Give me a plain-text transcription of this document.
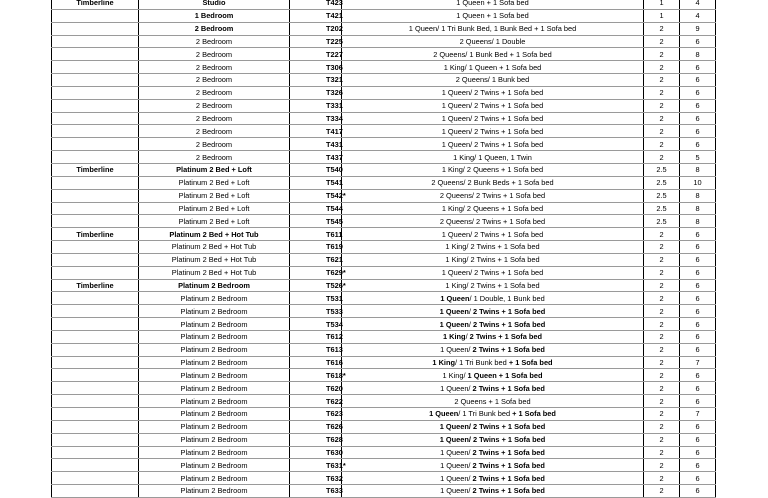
Timberline	Studio	T423	1 Queen + 1 Sofa bed	1	4
	1 Bedroom	T421	1 Queen + 1 Sofa bed	1	4
	2 Bedroom	T202	1 Queen/ 1 Tri Bunk Bed, 1 Bunk Bed + 1 Sofa bed	2	9
	2 Bedroom	T225	2 Queens/ 1 Double	2	6
	2 Bedroom	T227	2 Queens/ 1 Bunk Bed + 1 Sofa bed	2	8
	2 Bedroom	T306	1 King/ 1 Queen + 1 Sofa bed	2	6
	2 Bedroom	T321	2 Queens/ 1 Bunk bed	2	6
	2 Bedroom	T326	1 Queen/ 2 Twins + 1 Sofa bed	2	6
	2 Bedroom	T331	1 Queen/ 2 Twins + 1 Sofa bed	2	6
	2 Bedroom	T334	1 Queen/ 2 Twins + 1 Sofa bed	2	6
	2 Bedroom	T417	1 Queen/ 2 Twins + 1 Sofa bed	2	6
	2 Bedroom	T431	1 Queen/ 2 Twins + 1 Sofa bed	2	6
	2 Bedroom	T437	1 King/ 1 Queen, 1 Twin	2	5
Timberline	Platinum 2 Bed + Loft	T540	1 King/ 2 Queens + 1 Sofa bed	2.5	8
	Platinum 2 Bed + Loft	T541	2 Queens/ 2 Bunk Beds + 1 Sofa bed	2.5	10
	Platinum 2 Bed + Loft	T542*	2 Queens/ 2 Twins + 1 Sofa bed	2.5	8
	Platinum 2 Bed + Loft	T544	1 King/ 2 Queens + 1 Sofa bed	2.5	8
	Platinum 2 Bed + Loft	T545	2 Queens/ 2 Twins + 1 Sofa bed	2.5	8
Timberline	Platinum 2 Bed + Hot Tub	T611	1 Queen/ 2 Twins + 1 Sofa bed	2	6
	Platinum 2 Bed + Hot Tub	T619	1 King/ 2 Twins + 1 Sofa bed	2	6
	Platinum 2 Bed + Hot Tub	T621	1 King/ 2 Twins + 1 Sofa bed	2	6
	Platinum 2 Bed + Hot Tub	T629*	1 Queen/ 2 Twins + 1 Sofa bed	2	6
Timberline	Platinum 2 Bedroom	T526*	1 King/ 2 Twins + 1 Sofa bed	2	6
	Platinum 2 Bedroom	T531	1 Queen/ 1 Double, 1 Bunk bed	2	6
	Platinum 2 Bedroom	T533	1 Queen/ 2 Twins + 1 Sofa bed	2	6
	Platinum 2 Bedroom	T534	1 Queen/ 2 Twins + 1 Sofa bed	2	6
	Platinum 2 Bedroom	T612	1 King/ 2 Twins + 1 Sofa bed	2	6
	Platinum 2 Bedroom	T613	1 Queen/ 2 Twins + 1 Sofa bed	2	6
	Platinum 2 Bedroom	T616	1 King/ 1 Tri Bunk bed + 1 Sofa bed	2	7
	Platinum 2 Bedroom	T618*	1 King/ 1 Queen + 1 Sofa bed	2	6
	Platinum 2 Bedroom	T620	1 Queen/ 2 Twins + 1 Sofa bed	2	6
	Platinum 2 Bedroom	T622	2 Queens + 1 Sofa bed	2	6
	Platinum 2 Bedroom	T623	1 Queen/ 1 Tri Bunk bed + 1 Sofa bed	2	7
	Platinum 2 Bedroom	T626	1 Queen/ 2 Twins + 1 Sofa bed	2	6
	Platinum 2 Bedroom	T628	1 Queen/ 2 Twins + 1 Sofa bed	2	6
	Platinum 2 Bedroom	T630	1 Queen/ 2 Twins + 1 Sofa bed	2	6
	Platinum 2 Bedroom	T631*	1 Queen/ 2 Twins + 1 Sofa bed	2	6
	Platinum 2 Bedroom	T632	1 Queen/ 2 Twins + 1 Sofa bed	2	6
	Platinum 2 Bedroom	T633	1 Queen/ 2 Twins + 1 Sofa bed	2	6
